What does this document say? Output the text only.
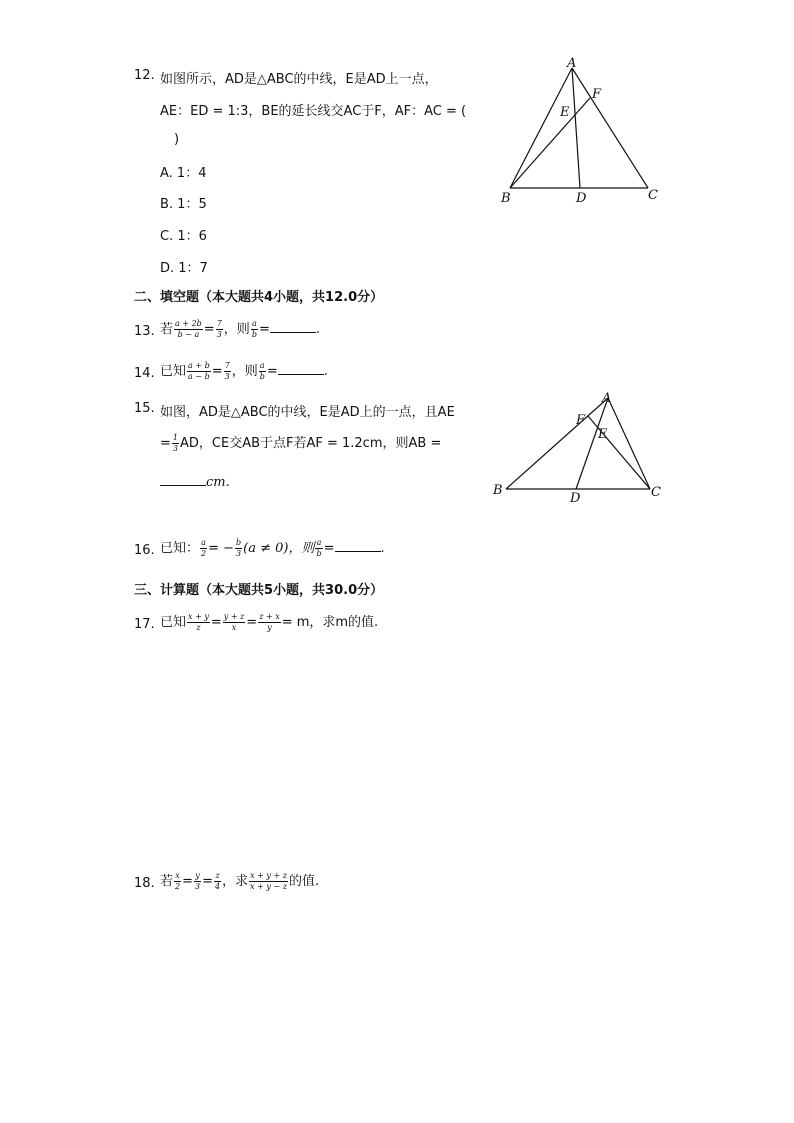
12. 如图所示，AD是△ABC的中线，E是AD上一点，
AE：ED = 1:3，BE的延长线交AC于F，AF：AC = (
)
A. 1：4
B. 1：5
C. 1：6
D. 1：7
A
F
E
B	D	C
二、填空题（本大题共4小题，共12.0分）
13. 若 $\frac{a + 2b}{b - a} = \frac{7}{3}$ ，则 $\frac{a}{b}$ =	.
14. 已知 $\frac{a + b}{a - b} = \frac{7}{3}$ ，则 $\frac{a}{b}$ =	.
15. 如图，AD是△ABC的中线，E是AD上的一点，且AE
= $\frac{1}{3}$ AD，CE交AB于点F若AF = 1.2cm，则AB =
cm.
A
F
E
B
D	C
16. 已知： $\frac{a}{2}$ = − $\frac{b}{3} (a \ne 0)$，则 $\frac{a}{b}$ =	.
三、计算题（本大题共5小题，共30.0分）
17. 已知 $\frac{x + y}{z} = \frac{y + z}{x} = \frac{z + x}{y} = m$，求m的值.
18. 若 $\frac{x}{2} = \frac{y}{3} = \frac{z}{4}$ ，求 $\frac{x + y + z}{x + y - z}$ 的值.
